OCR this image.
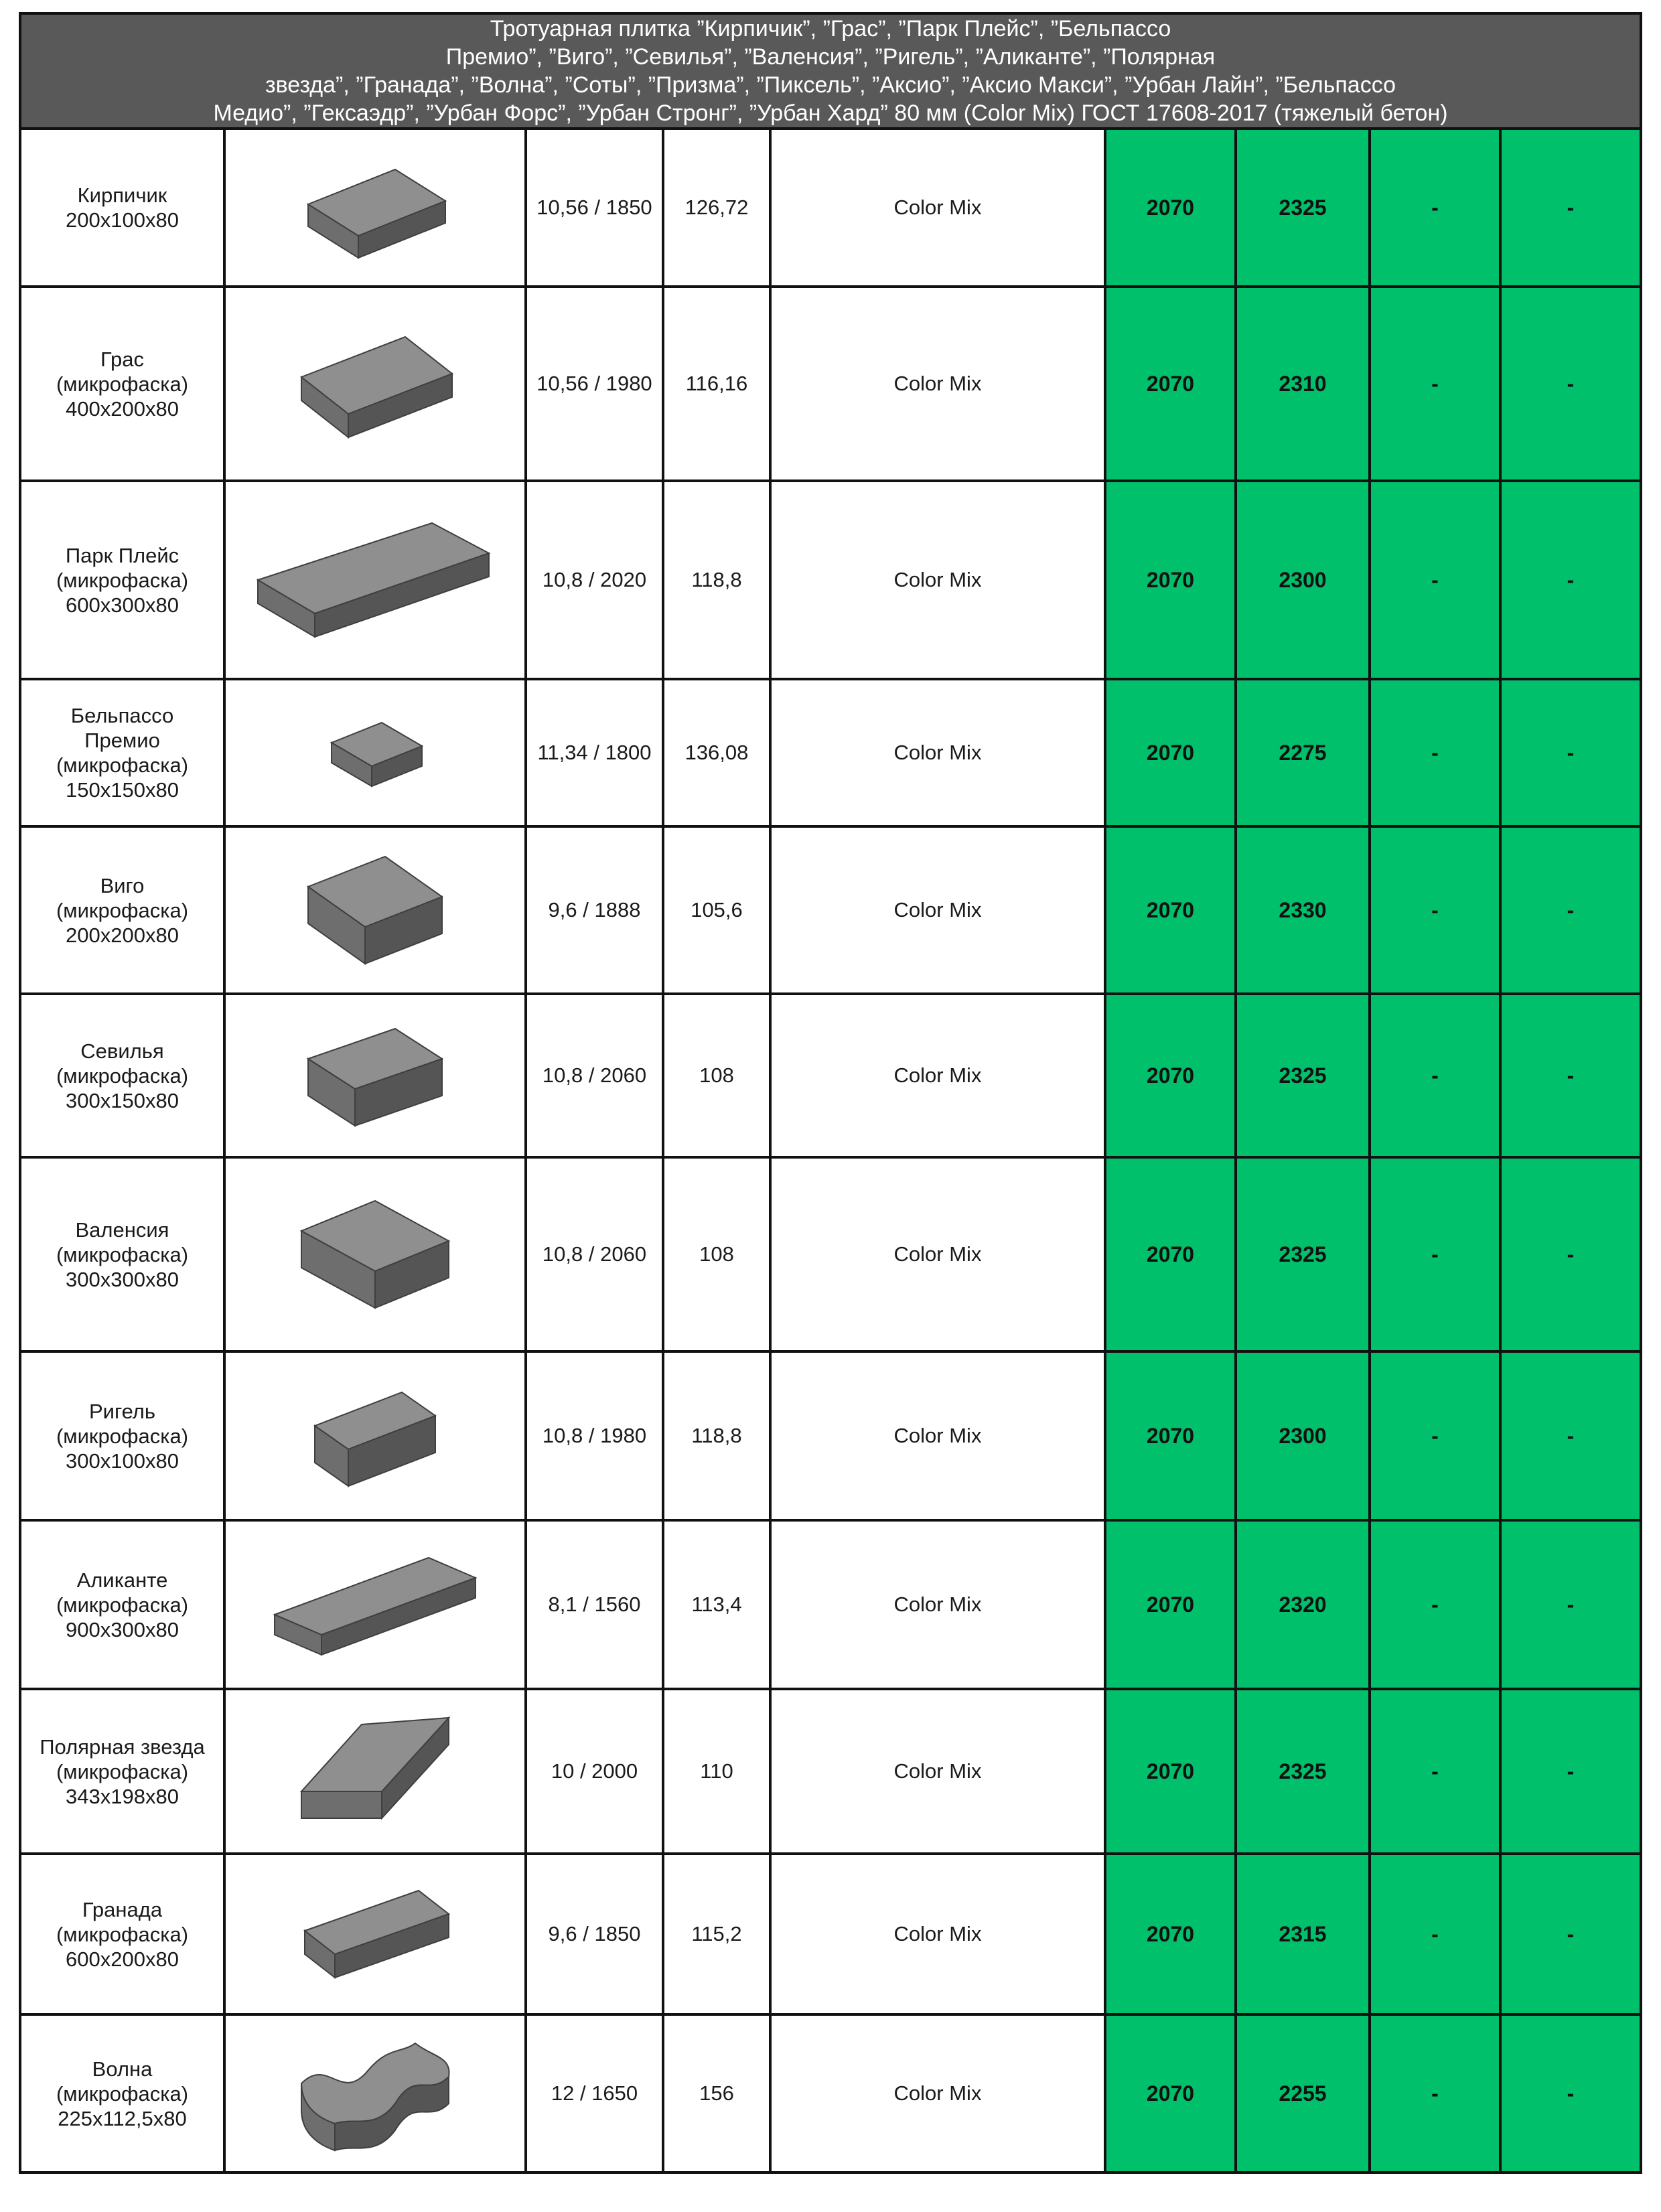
Тротуарная плитка ”Кирпичик”, ”Грас”, ”Парк Плейс”, ”Бельпассо
Премио”, ”Виго”, ”Севилья”, ”Валенсия”, ”Ригель”, ”Аликанте”, ”Полярная
звезда”, ”Гранада”, ”Волна”, ”Соты”, ”Призма”, ”Пиксель”, ”Аксио”, ”Аксио Макси”, ”Урбан Лайн”, ”Бельпассо
Медио”, ”Гексаэдр”, ”Урбан Форс”, ”Урбан Стронг”, ”Урбан Хард” 80 мм (Color Mix) ГОСТ 17608-2017 (тяжелый бетон)								

Кирпичик
200x100x80		10,56 / 1850	126,72	Color Mix	2070	2325	-	-

Грас
(микрофаска)
400x200x80		10,56 / 1980	116,16	Color Mix	2070	2310	-	-

Парк Плейс
(микрофаска)
600x300x80		10,8 / 2020	118,8	Color Mix	2070	2300	-	-

Бельпассо
Премио
(микрофаска)
150x150x80		11,34 / 1800	136,08	Color Mix	2070	2275	-	-

Виго
(микрофаска)
200x200x80		9,6 / 1888	105,6	Color Mix	2070	2330	-	-

Севилья
(микрофаска)
300x150x80		10,8 / 2060	108	Color Mix	2070	2325	-	-

Валенсия
(микрофаска)
300x300x80		10,8 / 2060	108	Color Mix	2070	2325	-	-

Ригель
(микрофаска)
300x100x80		10,8 / 1980	118,8	Color Mix	2070	2300	-	-

Аликанте
(микрофаска)
900x300x80		8,1 / 1560	113,4	Color Mix	2070	2320	-	-

Полярная звезда
(микрофаска)
343x198x80		10 / 2000	110	Color Mix	2070	2325	-	-

Гранада
(микрофаска)
600x200x80		9,6 / 1850	115,2	Color Mix	2070	2315	-	-

Волна
(микрофаска)
225x112,5x80		12 / 1650	156	Color Mix	2070	2255	-	-
